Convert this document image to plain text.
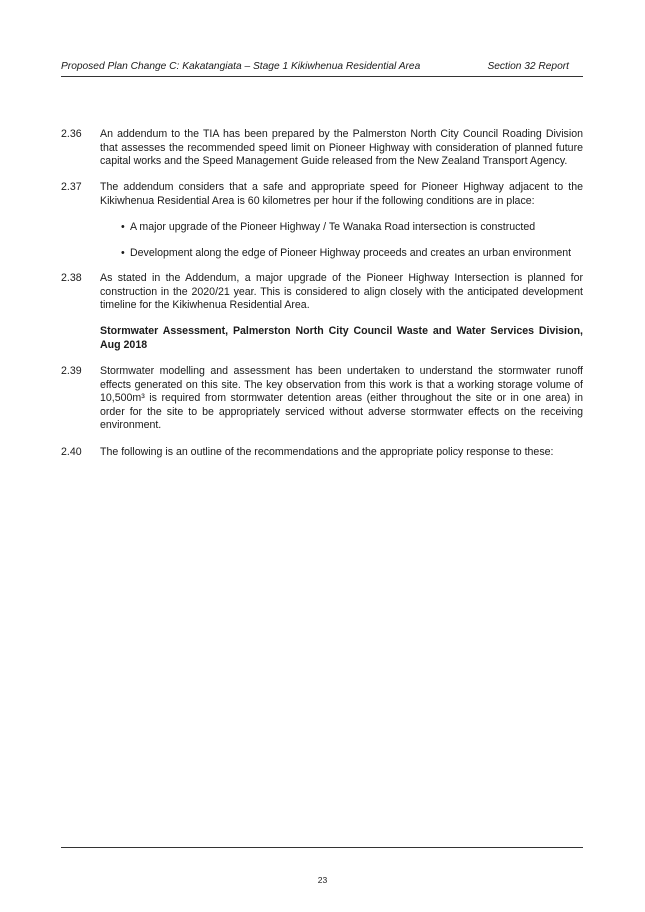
Proposed Plan Change C: Kakatangiata – Stage 1 Kikiwhenua Residential Area	Section 32 Report
2.36 An addendum to the TIA has been prepared by the Palmerston North City Council Roading Division that assesses the recommended speed limit on Pioneer Highway with consideration of planned future capital works and the Speed Management Guide released from the New Zealand Transport Agency.
2.37 The addendum considers that a safe and appropriate speed for Pioneer Highway adjacent to the Kikiwhenua Residential Area is 60 kilometres per hour if the following conditions are in place:
• A major upgrade of the Pioneer Highway / Te Wanaka Road intersection is constructed
• Development along the edge of Pioneer Highway proceeds and creates an urban environment
2.38 As stated in the Addendum, a major upgrade of the Pioneer Highway Intersection is planned for construction in the 2020/21 year. This is considered to align closely with the anticipated development timeline for the Kikiwhenua Residential Area.
Stormwater Assessment, Palmerston North City Council Waste and Water Services Division, Aug 2018
2.39 Stormwater modelling and assessment has been undertaken to understand the stormwater runoff effects generated on this site. The key observation from this work is that a working storage volume of 10,500m³ is required from stormwater detention areas (either throughout the site or in one area) in order for the site to be appropriately serviced without adverse stormwater effects on the receiving environment.
2.40 The following is an outline of the recommendations and the appropriate policy response to these:
23
